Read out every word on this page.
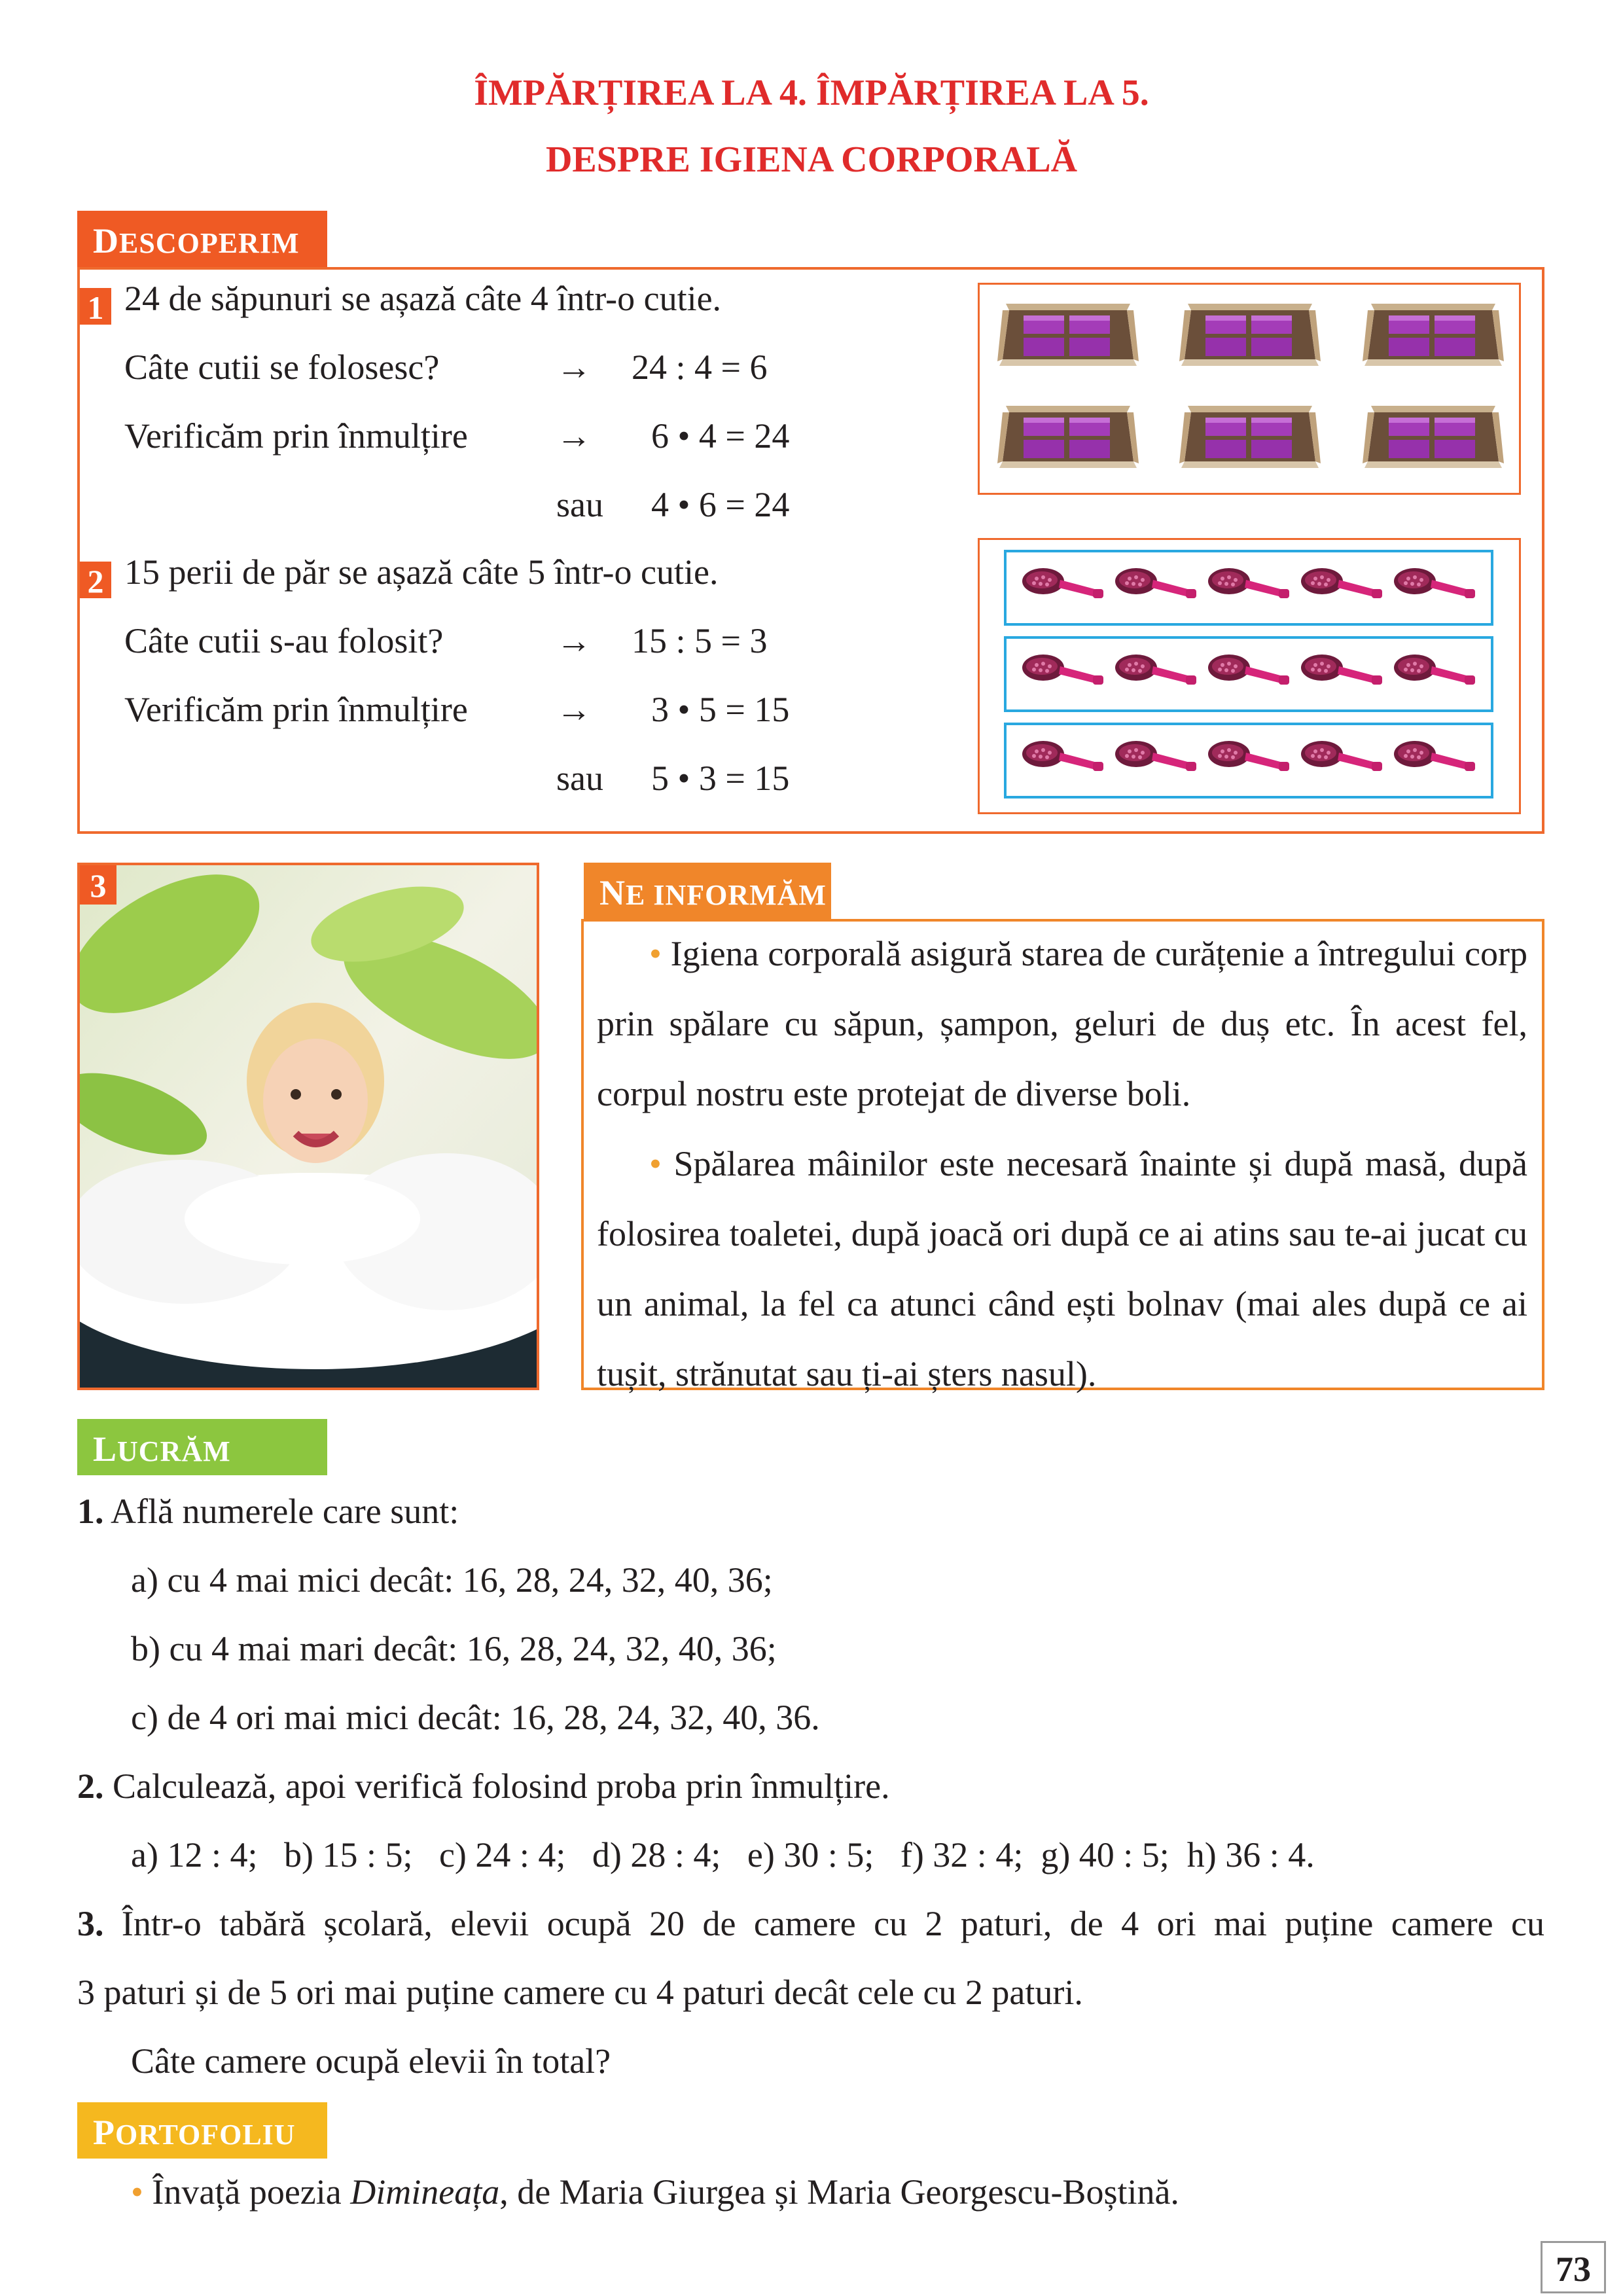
ÎMPĂRȚIREA LA 4. ÎMPĂRȚIREA LA 5.
DESPRE IGIENA CORPORALĂ
DESCOPERIM
1 24 de săpunuri se așază câte 4 într-o cutie.
Câte cutii se folosesc?	→ 24 : 4 = 6
Verificăm prin înmulțire	→ 6 • 4 = 24
sau 4 • 6 = 24
2 15 perii de păr se așază câte 5 într-o cutie.
Câte cutii s-au folosit?	→ 15 : 5 = 3
Verificăm prin înmulțire	→ 3 • 5 = 15
sau 5 • 3 = 15
3	NE INFORMĂM
• Igiena corporală asigură starea de curățenie a întregului corp prin spălare cu săpun, șampon, geluri de duș etc. În acest fel, corpul nostru este protejat de diverse boli.
• Spălarea mâinilor este necesară înainte și după masă, după folosirea toaletei, după joacă ori după ce ai atins sau te-ai jucat cu un animal, la fel ca atunci când ești bolnav (mai ales după ce ai tușit, strănutat sau ți-ai șters nasul).
LUCRĂM
1. Află numerele care sunt:
a) cu 4 mai mici decât: 16, 28, 24, 32, 40, 36;
b) cu 4 mai mari decât: 16, 28, 24, 32, 40, 36;
c) de 4 ori mai mici decât: 16, 28, 24, 32, 40, 36.
2. Calculează, apoi verifică folosind proba prin înmulțire.
a) 12 : 4;   b) 15 : 5;   c) 24 : 4;   d) 28 : 4;   e) 30 : 5;   f) 32 : 4;  g) 40 : 5;  h) 36 : 4.
3. Într-o tabără școlară, elevii ocupă 20 de camere cu 2 paturi, de 4 ori mai puține camere cu
3 paturi și de 5 ori mai puține camere cu 4 paturi decât cele cu 2 paturi.
Câte camere ocupă elevii în total?
PORTOFOLIU
• Învață poezia Dimineața, de Maria Giurgea și Maria Georgescu-Boștină.
73
